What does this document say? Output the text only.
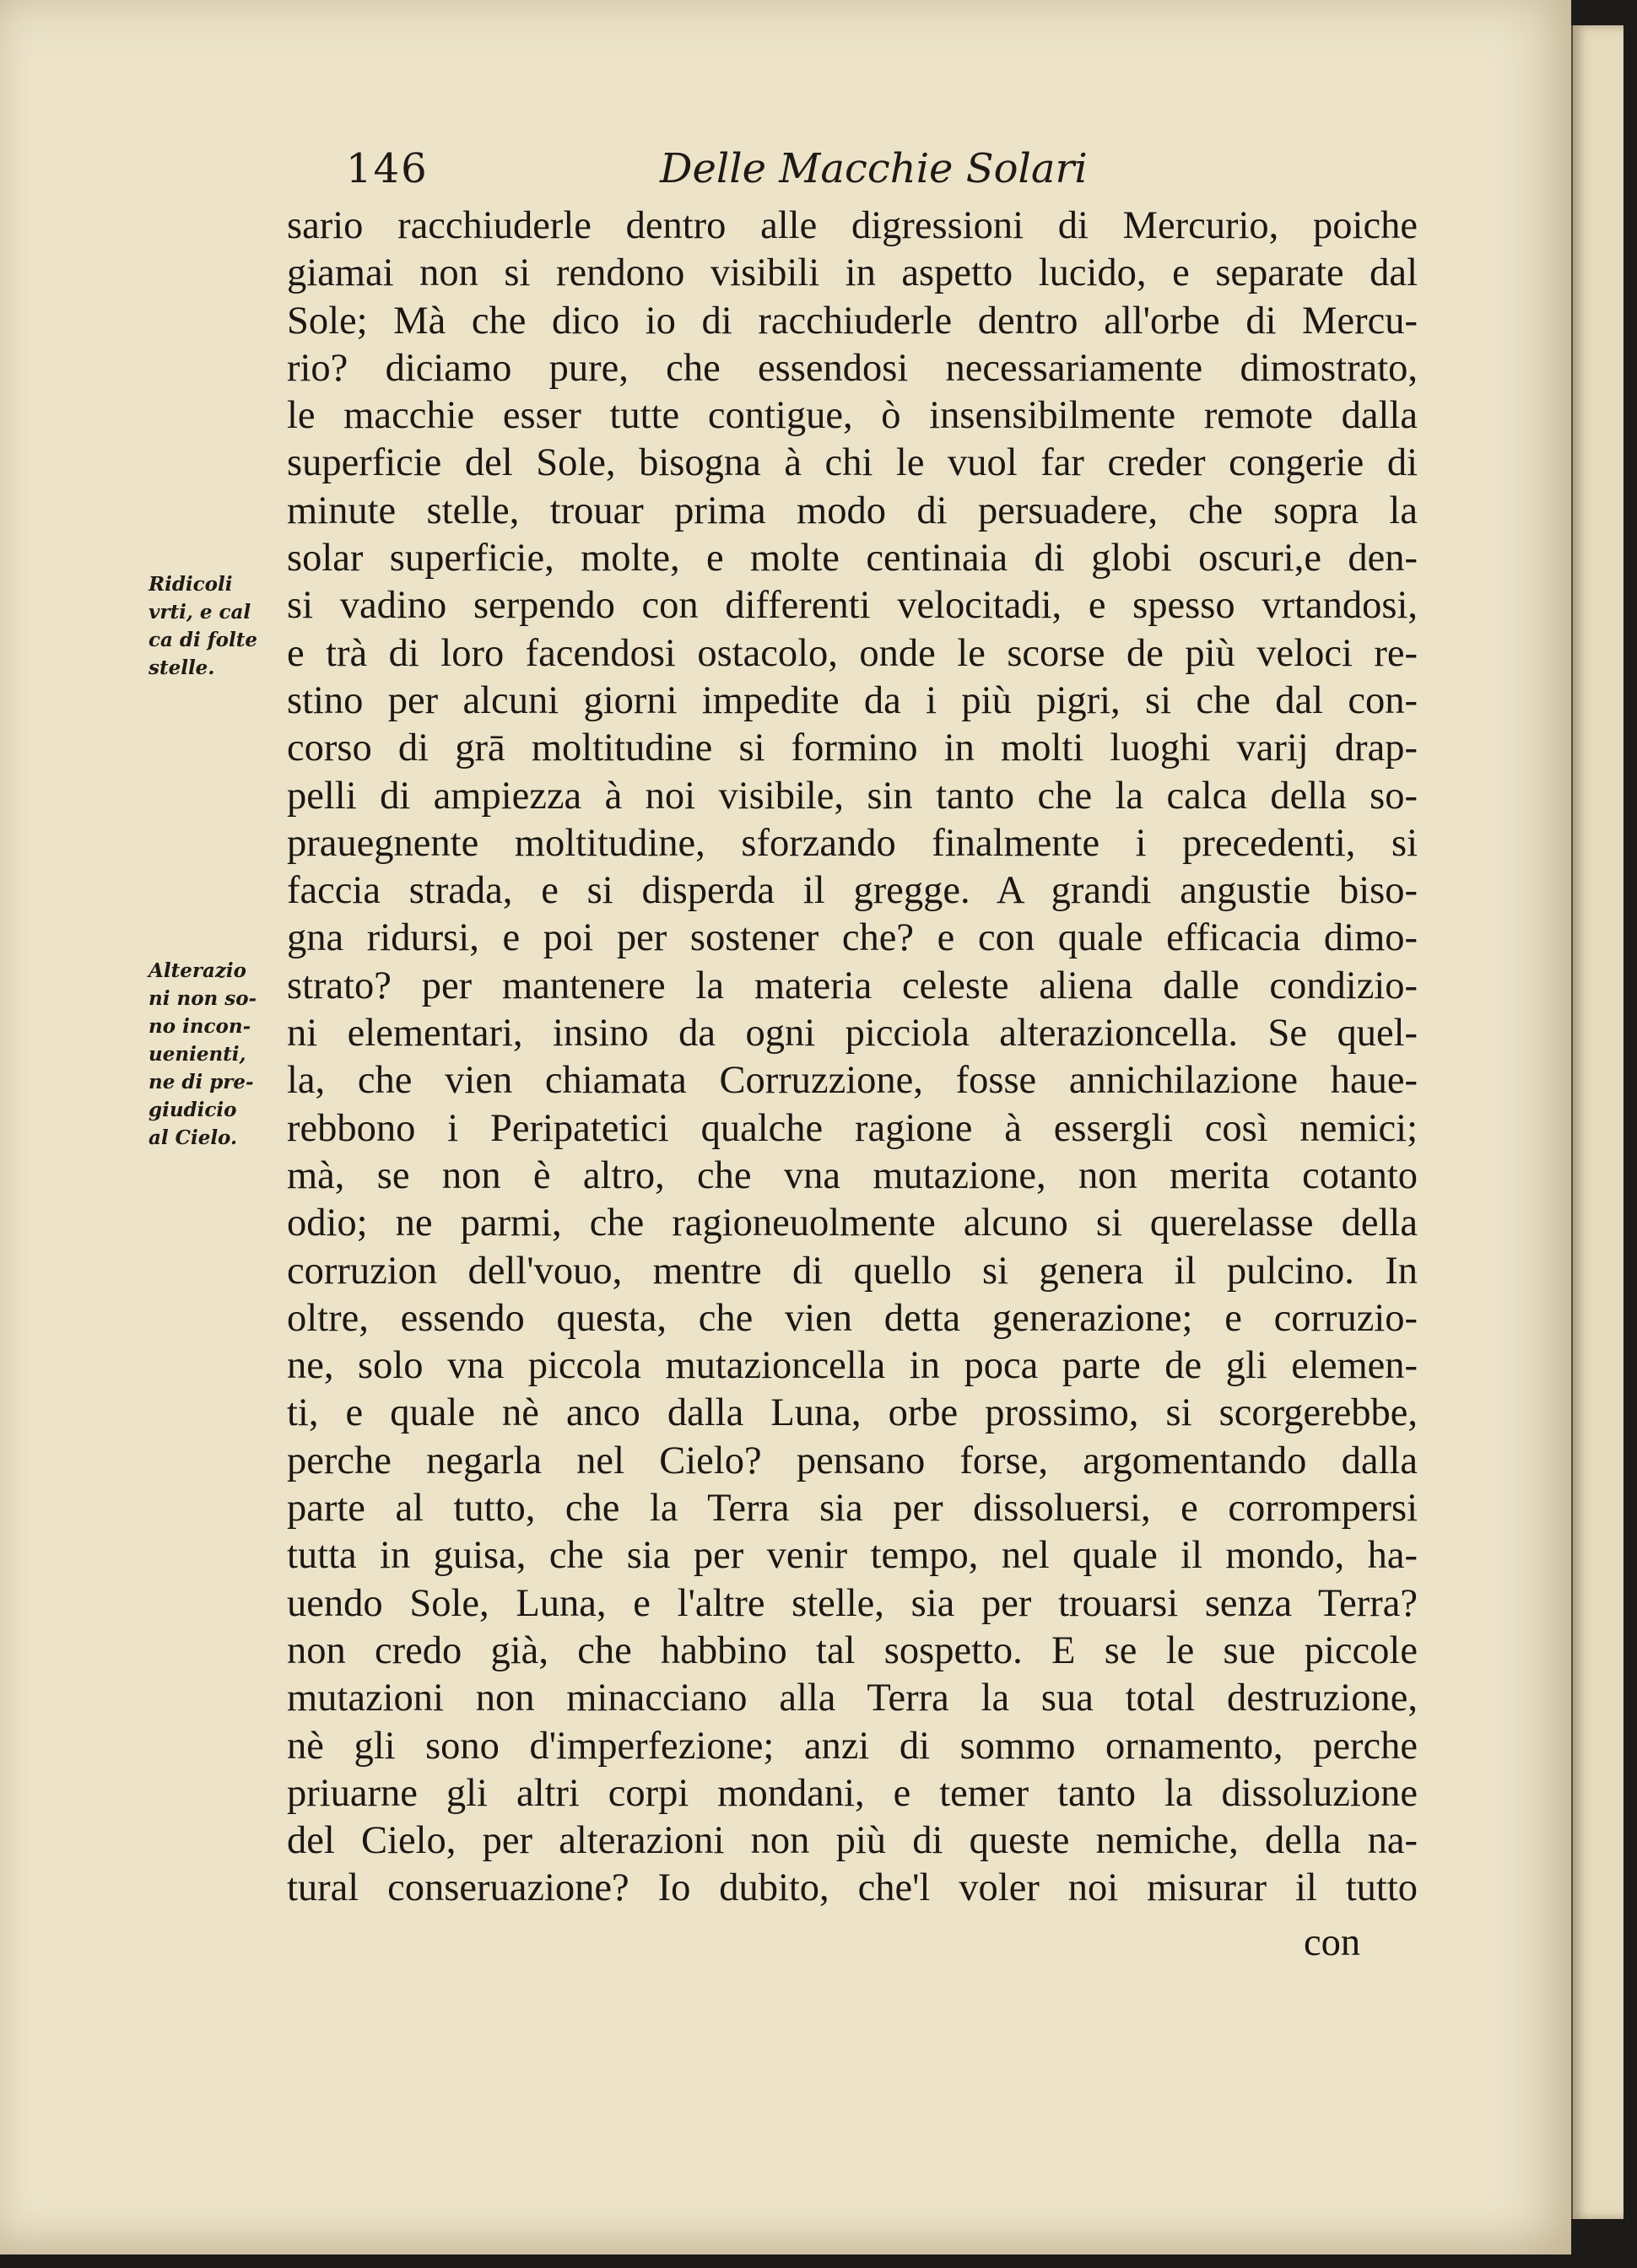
146	Delle Macchie Solari
Ridicoli
vrti, e cal
ca di folte
stelle.
Alterazio
ni non so-
no incon-
uenienti,
ne di pre-
giudicio
al Cielo.
sario racchiuderle dentro alle digressioni di Mercurio, poiche
giamai non si rendono visibili in aspetto lucido, e separate dal
Sole; Mà che dico io di racchiuderle dentro all'orbe di Mercu-
rio? diciamo pure, che essendosi necessariamente dimostrato,
le macchie esser tutte contigue, ò insensibilmente remote dalla
superficie del Sole, bisogna à chi le vuol far creder congerie di
minute stelle, trouar prima modo di persuadere, che sopra la
solar superficie, molte, e molte centinaia di globi oscuri,e den-
si vadino serpendo con differenti velocitadi, e spesso vrtandosi,
e trà di loro facendosi ostacolo, onde le scorse de più veloci re-
stino per alcuni giorni impedite da i più pigri, si che dal con-
corso di grā moltitudine si formino in molti luoghi varij drap-
pelli di ampiezza à noi visibile, sin tanto che la calca della so-
prauegnente moltitudine, sforzando finalmente i precedenti, si
faccia strada, e si disperda il gregge. A grandi angustie biso-
gna ridursi, e poi per sostener che? e con quale efficacia dimo-
strato? per mantenere la materia celeste aliena dalle condizio-
ni elementari, insino da ogni picciola alterazioncella. Se quel-
la, che vien chiamata Corruzzione, fosse annichilazione haue-
rebbono i Peripatetici qualche ragione à essergli così nemici;
mà, se non è altro, che vna mutazione, non merita cotanto
odio; ne parmi, che ragioneuolmente alcuno si querelasse della
corruzion dell'vouo, mentre di quello si genera il pulcino. In
oltre, essendo questa, che vien detta generazione; e corruzio-
ne, solo vna piccola mutazioncella in poca parte de gli elemen-
ti, e quale nè anco dalla Luna, orbe prossimo, si scorgerebbe,
perche negarla nel Cielo? pensano forse, argomentando dalla
parte al tutto, che la Terra sia per dissoluersi, e corrompersi
tutta in guisa, che sia per venir tempo, nel quale il mondo, ha-
uendo Sole, Luna, e l'altre stelle, sia per trouarsi senza Terra?
non credo già, che habbino tal sospetto. E se le sue piccole
mutazioni non minacciano alla Terra la sua total destruzione,
nè gli sono d'imperfezione; anzi di sommo ornamento, perche
priuarne gli altri corpi mondani, e temer tanto la dissoluzione
del Cielo, per alterazioni non più di queste nemiche, della na-
tural conseruazione? Io dubito, che'l voler noi misurar il tutto
con
